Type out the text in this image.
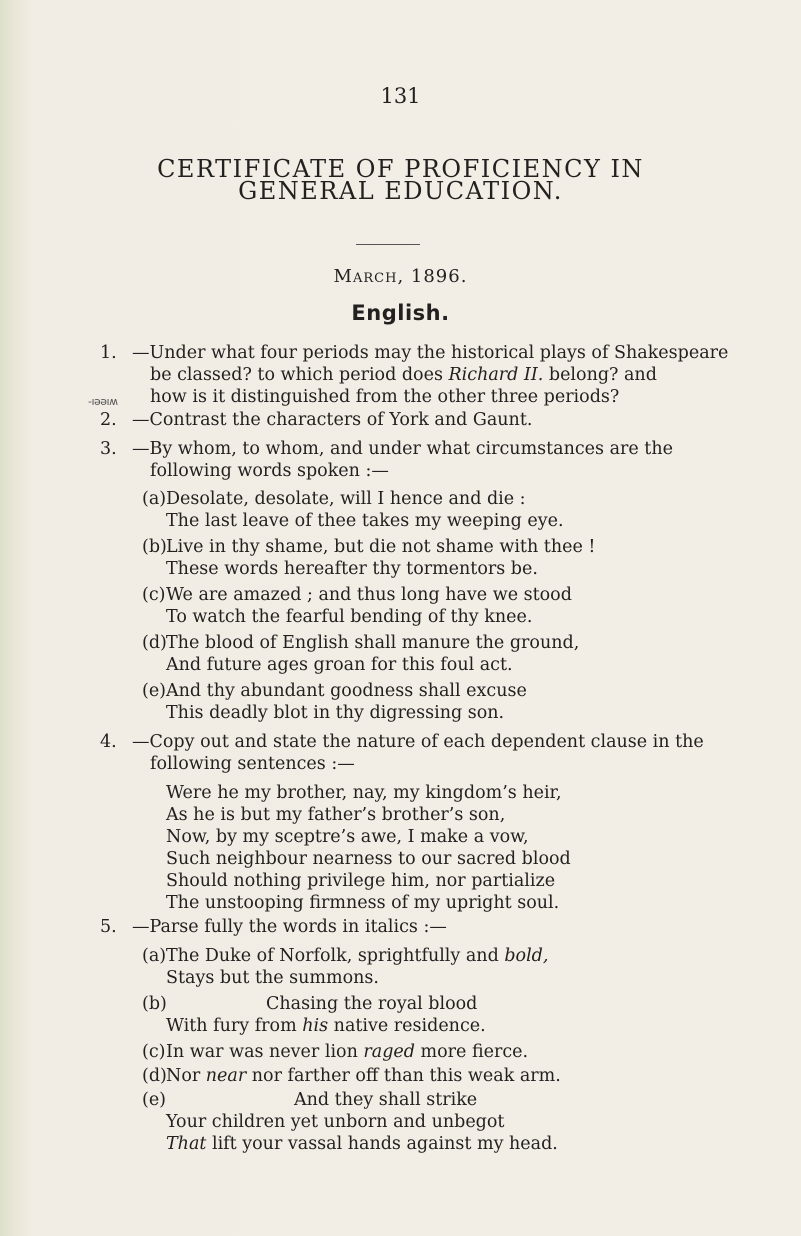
131
CERTIFICATE OF PROFICIENCY IN
GENERAL EDUCATION.
March, 1896.
English.
1. —Under what four periods may the historical plays of Shakespeare
be classed? to which period does Richard II. belong? and
-ıəəıʍ how is it distinguished from the other three periods?
2. —Contrast the characters of York and Gaunt.
3. —By whom, to whom, and under what circumstances are the
following words spoken :—
(a) Desolate, desolate, will I hence and die :
The last leave of thee takes my weeping eye.
(b) Live in thy shame, but die not shame with thee !
These words hereafter thy tormentors be.
(c) We are amazed ; and thus long have we stood
To watch the fearful bending of thy knee.
(d) The blood of English shall manure the ground,
And future ages groan for this foul act.
(e) And thy abundant goodness shall excuse
This deadly blot in thy digressing son.
4. —Copy out and state the nature of each dependent clause in the
following sentences :—
Were he my brother, nay, my kingdom’s heir,
As he is but my father’s brother’s son,
Now, by my sceptre’s awe, I make a vow,
Such neighbour nearness to our sacred blood
Should nothing privilege him, nor partialize
The unstooping firmness of my upright soul.
5. —Parse fully the words in italics :—
(a) The Duke of Norfolk, sprightfully and bold,
Stays but the summons.
(b)	Chasing the royal blood
With fury from his native residence.
(c) In war was never lion raged more fierce.
(d) Nor near nor farther off than this weak arm.
(e)	And they shall strike
Your children yet unborn and unbegot
That lift your vassal hands against my head.
